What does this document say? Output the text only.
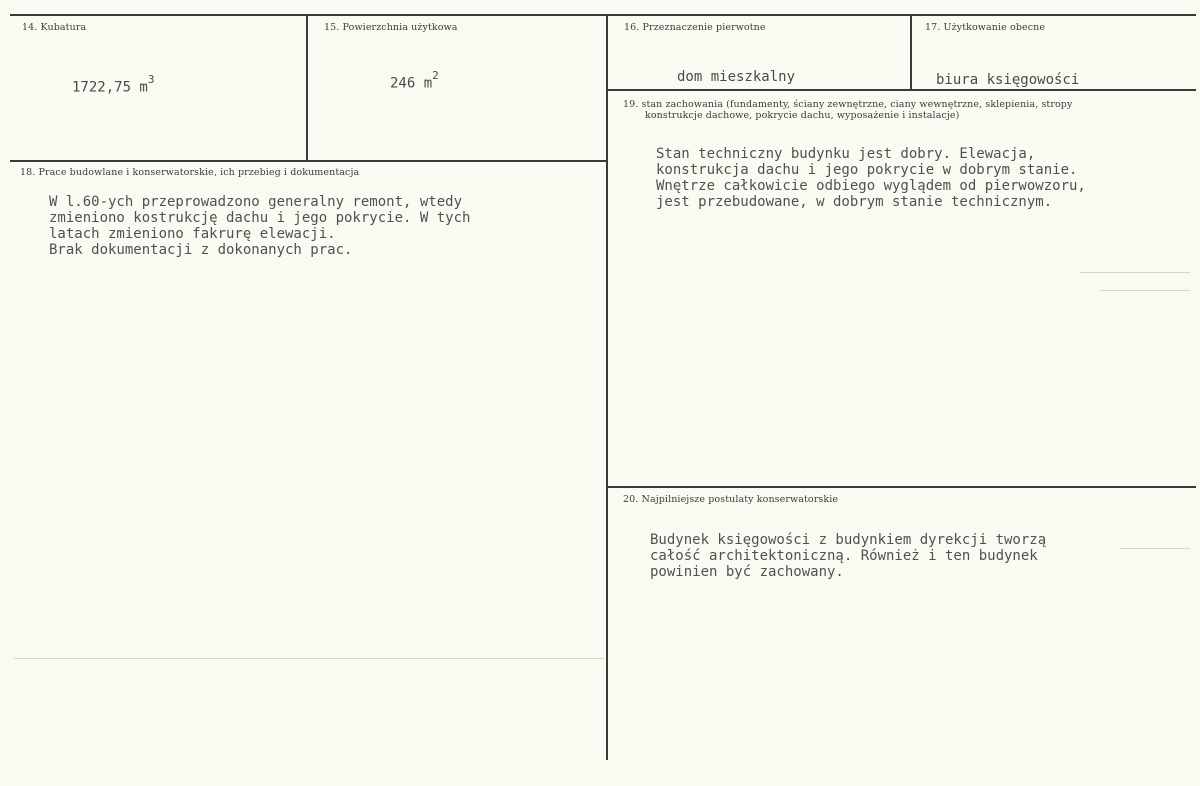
14. Kubatura
1722,75 $m^3$
15. Powierzchnia użytkowa
246 $m^2$
16. Przeznaczenie pierwotne
dom mieszkalny
17. Użytkowanie obecne
biura księgowości
18. Prace budowlane i konserwatorskie, ich przebieg i dokumentacja
W l.60-ych przeprowadzono generalny remont, wtedy
zmieniono kostrukcję dachu i jego pokrycie. W tych
latach zmieniono fakrurę elewacji.
Brak dokumentacji z dokonanych prac.
19. stan zachowania (fundamenty, ściany zewnętrzne, ciany wewnętrzne, sklepienia, stropy
konstrukcje dachowe, pokrycie dachu, wyposażenie i instalacje)
Stan techniczny budynku jest dobry. Elewacja,
konstrukcja dachu i jego pokrycie w dobrym stanie.
Wnętrze całkowicie odbiego wyglądem od pierwowzoru,
jest przebudowane, w dobrym stanie technicznym.
20. Najpilniejsze postulaty konserwatorskie
Budynek księgowości z budynkiem dyrekcji tworzą
całość architektoniczną. Również i ten budynek
powinien być zachowany.
